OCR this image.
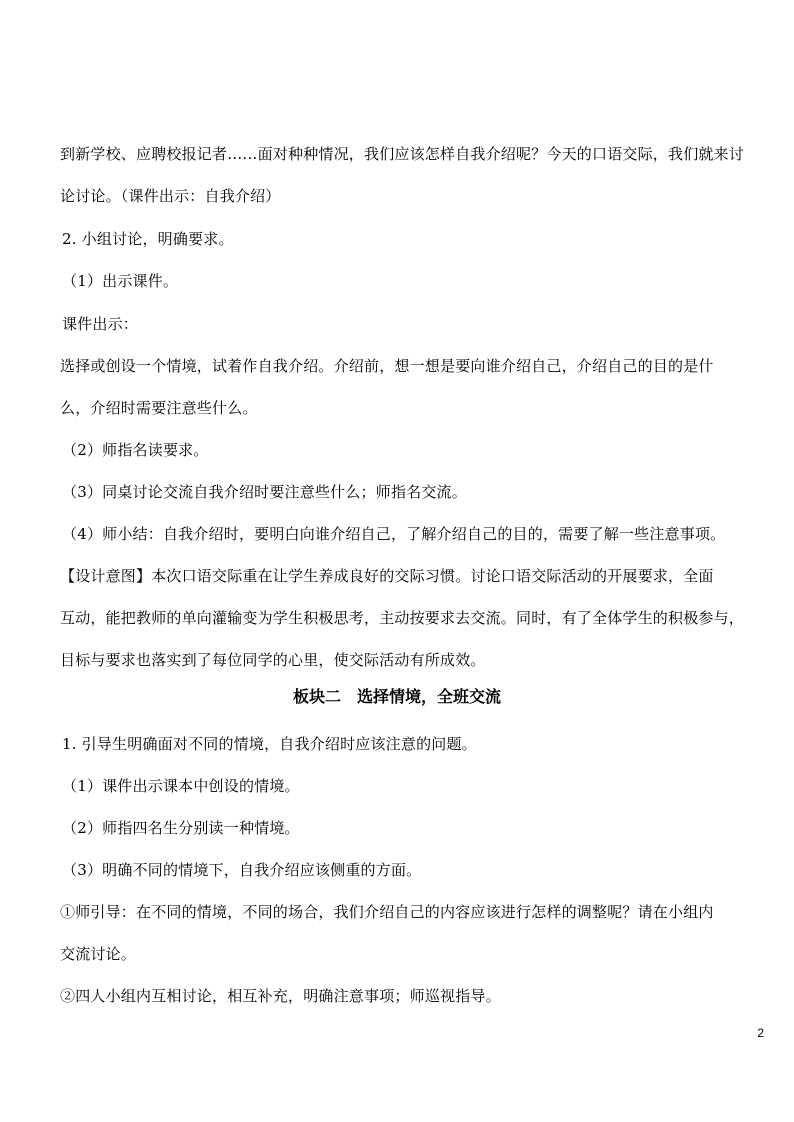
到新学校、应聘校报记者……面对种种情况，我们应该怎样自我介绍呢？今天的口语交际，我们就来讨
论讨论。（课件出示：自我介绍）
2. 小组讨论，明确要求。
（1）出示课件。
课件出示：
选择或创设一个情境，试着作自我介绍。介绍前，想一想是要向谁介绍自己，介绍自己的目的是什
么，介绍时需要注意些什么。
（2）师指名读要求。
（3）同桌讨论交流自我介绍时要注意些什么；师指名交流。
（4）师小结：自我介绍时，要明白向谁介绍自己，了解介绍自己的目的，需要了解一些注意事项。
【设计意图】本次口语交际重在让学生养成良好的交际习惯。讨论口语交际活动的开展要求，全面
互动，能把教师的单向灌输变为学生积极思考，主动按要求去交流。同时，有了全体学生的积极参与，
目标与要求也落实到了每位同学的心里，使交际活动有所成效。
板块二　选择情境，全班交流
1. 引导生明确面对不同的情境，自我介绍时应该注意的问题。
（1）课件出示课本中创设的情境。
（2）师指四名生分别读一种情境。
（3）明确不同的情境下，自我介绍应该侧重的方面。
①师引导：在不同的情境，不同的场合，我们介绍自己的内容应该进行怎样的调整呢？请在小组内
交流讨论。
②四人小组内互相讨论，相互补充，明确注意事项；师巡视指导。
2
